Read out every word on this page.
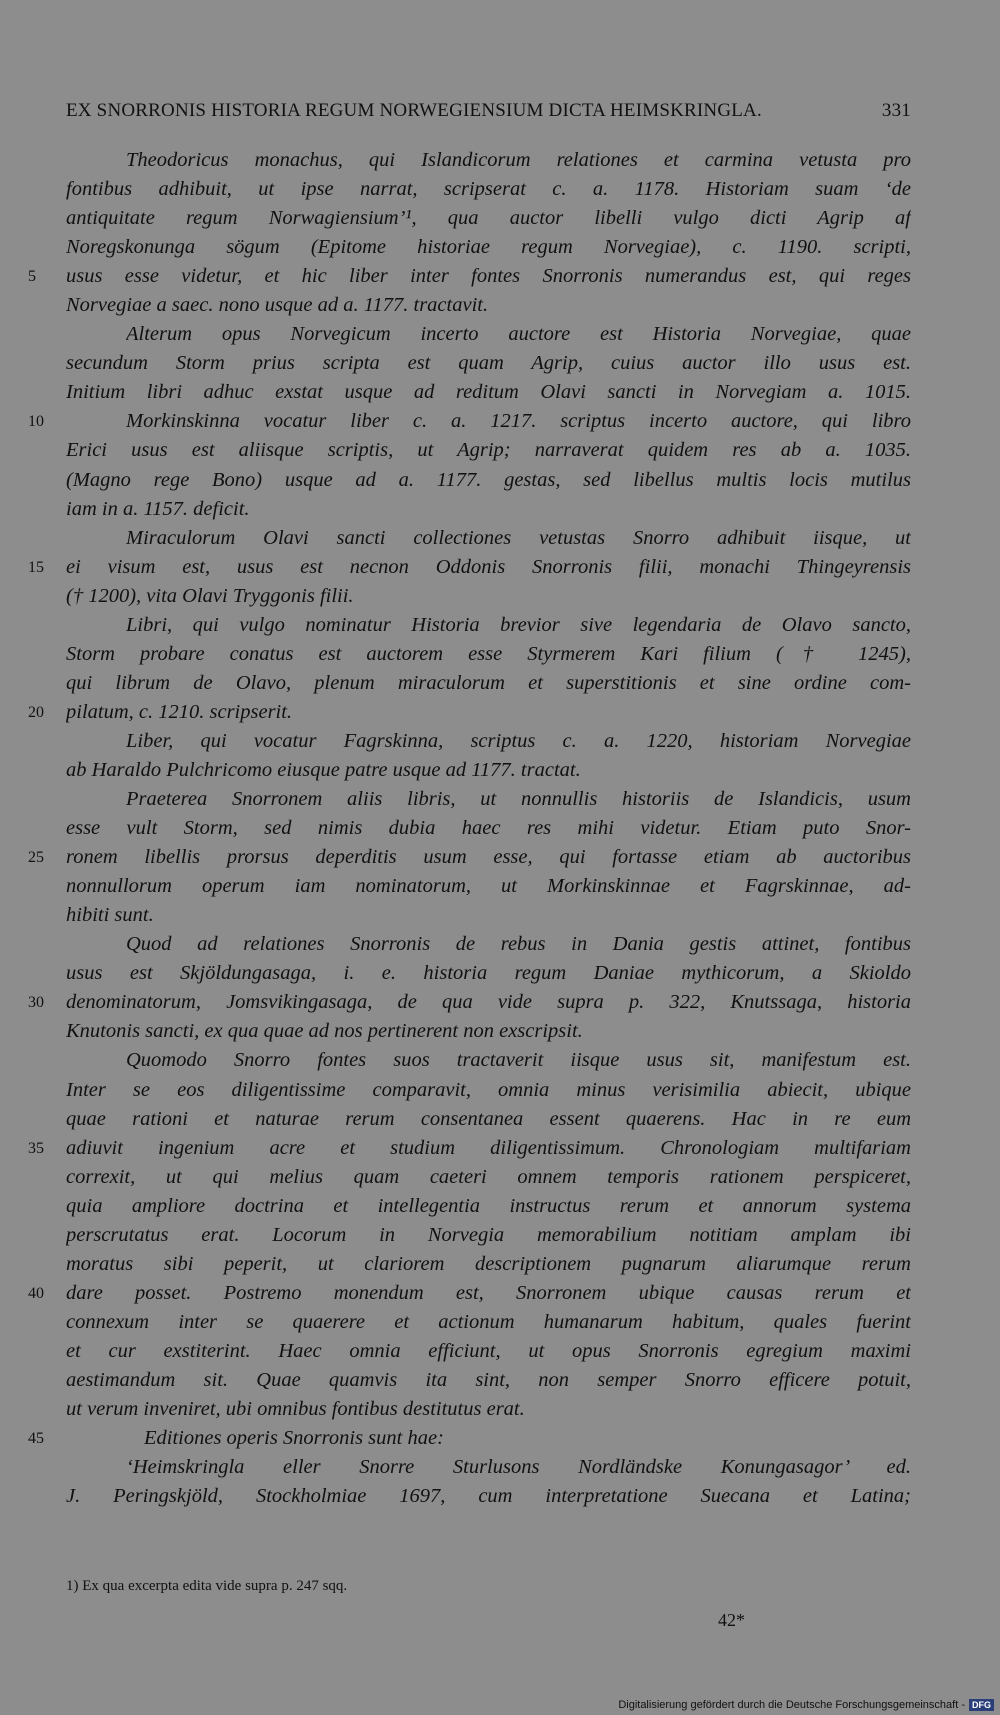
EX SNORRONIS HISTORIA REGUM NORWEGIENSIUM DICTA HEIMSKRINGLA.	331
Theodoricus monachus, qui Islandicorum relationes et carmina vetusta pro
fontibus adhibuit, ut ipse narrat, scripserat c. a. 1178. Historiam suam ‘de
antiquitate regum Norwagiensium’¹, qua auctor libelli vulgo dicti Agrip af
Noregskonunga sögum (Epitome historiae regum Norvegiae), c. 1190. scripti,
5	usus esse videtur, et hic liber inter fontes Snorronis numerandus est, qui reges
Norvegiae a saec. nono usque ad a. 1177. tractavit.
Alterum opus Norvegicum incerto auctore est Historia Norvegiae, quae
secundum Storm prius scripta est quam Agrip, cuius auctor illo usus est.
Initium libri adhuc exstat usque ad reditum Olavi sancti in Norvegiam a. 1015.
10	Morkinskinna vocatur liber c. a. 1217. scriptus incerto auctore, qui libro
Erici usus est aliisque scriptis, ut Agrip; narraverat quidem res ab a. 1035.
(Magno rege Bono) usque ad a. 1177. gestas, sed libellus multis locis mutilus
iam in a. 1157. deficit.
Miraculorum Olavi sancti collectiones vetustas Snorro adhibuit iisque, ut
15	ei visum est, usus est necnon Oddonis Snorronis filii, monachi Thingeyrensis
(† 1200), vita Olavi Tryggonis filii.
Libri, qui vulgo nominatur Historia brevior sive legendaria de Olavo sancto,
Storm probare conatus est auctorem esse Styrmerem Kari filium († 1245),
qui librum de Olavo, plenum miraculorum et superstitionis et sine ordine com-
20	pilatum, c. 1210. scripserit.
Liber, qui vocatur Fagrskinna, scriptus c. a. 1220, historiam Norvegiae
ab Haraldo Pulchricomo eiusque patre usque ad 1177. tractat.
Praeterea Snorronem aliis libris, ut nonnullis historiis de Islandicis, usum
esse vult Storm, sed nimis dubia haec res mihi videtur. Etiam puto Snor-
25	ronem libellis prorsus deperditis usum esse, qui fortasse etiam ab auctoribus
nonnullorum operum iam nominatorum, ut Morkinskinnae et Fagrskinnae, ad-
hibiti sunt.
Quod ad relationes Snorronis de rebus in Dania gestis attinet, fontibus
usus est Skjöldungasaga, i. e. historia regum Daniae mythicorum, a Skioldo
30	denominatorum, Jomsvikingasaga, de qua vide supra p. 322, Knutssaga, historia
Knutonis sancti, ex qua quae ad nos pertinerent non exscripsit.
Quomodo Snorro fontes suos tractaverit iisque usus sit, manifestum est.
Inter se eos diligentissime comparavit, omnia minus verisimilia abiecit, ubique
quae rationi et naturae rerum consentanea essent quaerens. Hac in re eum
35	adiuvit ingenium acre et studium diligentissimum. Chronologiam multifariam
correxit, ut qui melius quam caeteri omnem temporis rationem perspiceret,
quia ampliore doctrina et intellegentia instructus rerum et annorum systema
perscrutatus erat. Locorum in Norvegia memorabilium notitiam amplam ibi
moratus sibi peperit, ut clariorem descriptionem pugnarum aliarumque rerum
40	dare posset. Postremo monendum est, Snorronem ubique causas rerum et
connexum inter se quaerere et actionum humanarum habitum, quales fuerint
et cur exstiterint. Haec omnia efficiunt, ut opus Snorronis egregium maximi
aestimandum sit. Quae quamvis ita sint, non semper Snorro efficere potuit,
ut verum inveniret, ubi omnibus fontibus destitutus erat.
45	Editiones operis Snorronis sunt hae:
‘Heimskringla eller Snorre Sturlusons Nordländske Konungasagor’ ed.
J. Peringskjöld, Stockholmiae 1697, cum interpretatione Suecana et Latina;
1) Ex qua excerpta edita vide supra p. 247 sqq.
42*
Digitalisierung gefördert durch die Deutsche Forschungsgemeinschaft - DFG
